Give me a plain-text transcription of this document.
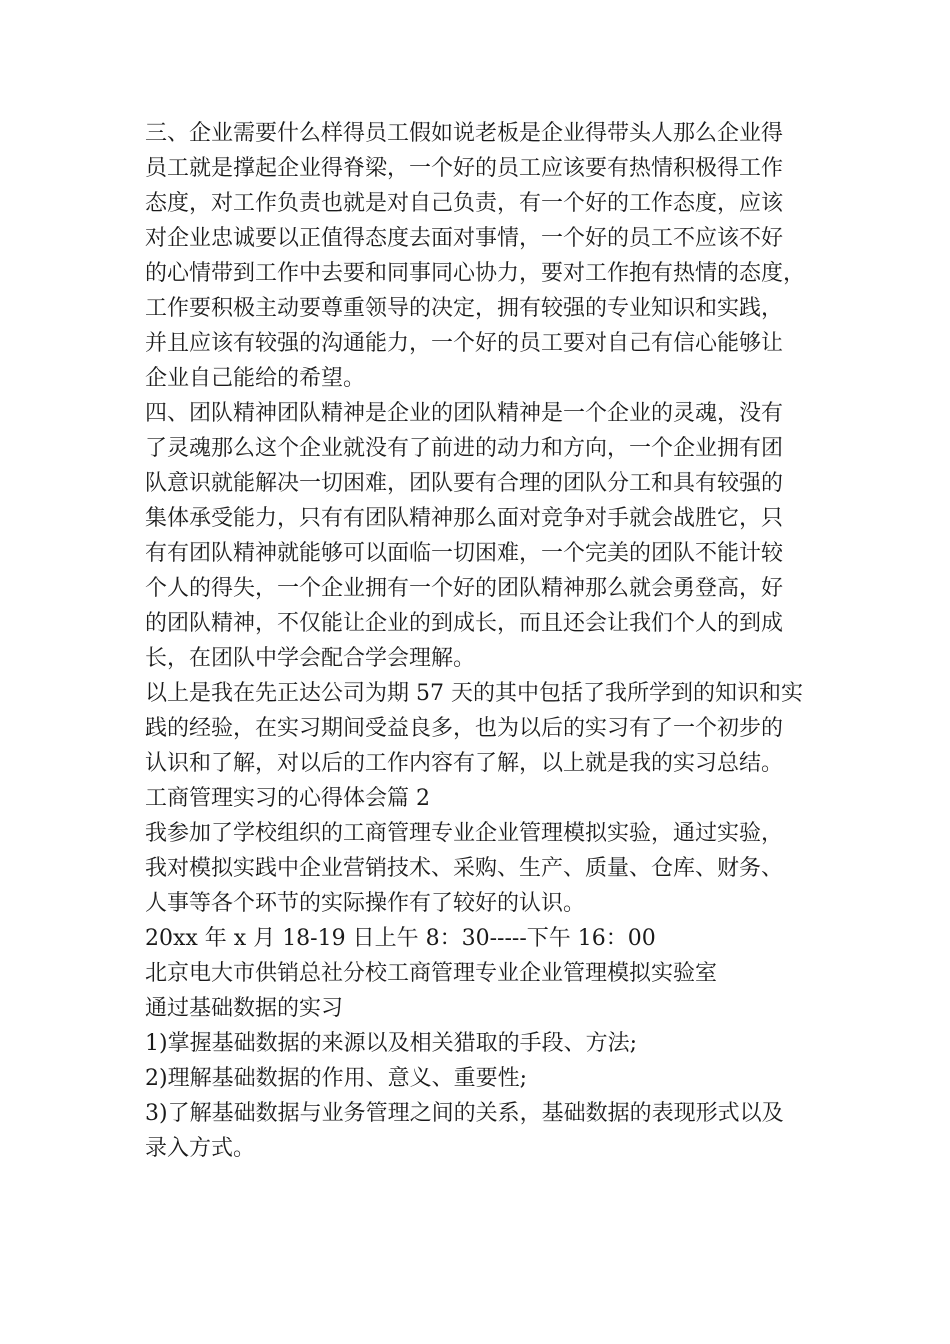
三、企业需要什么样得员工假如说老板是企业得带头人那么企业得
员工就是撑起企业得脊梁，一个好的员工应该要有热情积极得工作
态度，对工作负责也就是对自己负责，有一个好的工作态度，应该
对企业忠诚要以正值得态度去面对事情，一个好的员工不应该不好
的心情带到工作中去要和同事同心协力，要对工作抱有热情的态度，
工作要积极主动要尊重领导的决定，拥有较强的专业知识和实践，
并且应该有较强的沟通能力，一个好的员工要对自己有信心能够让
企业自己能给的希望。
四、团队精神团队精神是企业的团队精神是一个企业的灵魂，没有
了灵魂那么这个企业就没有了前进的动力和方向，一个企业拥有团
队意识就能解决一切困难，团队要有合理的团队分工和具有较强的
集体承受能力，只有有团队精神那么面对竞争对手就会战胜它，只
有有团队精神就能够可以面临一切困难，一个完美的团队不能计较
个人的得失，一个企业拥有一个好的团队精神那么就会勇登高，好
的团队精神，不仅能让企业的到成长，而且还会让我们个人的到成
长，在团队中学会配合学会理解。
以上是我在先正达公司为期 57 天的其中包括了我所学到的知识和实
践的经验，在实习期间受益良多，也为以后的实习有了一个初步的
认识和了解，对以后的工作内容有了解，以上就是我的实习总结。
工商管理实习的心得体会篇 2
我参加了学校组织的工商管理专业企业管理模拟实验，通过实验，
我对模拟实践中企业营销技术、采购、生产、质量、仓库、财务、
人事等各个环节的实际操作有了较好的认识。
20xx 年 x 月 18-19 日上午 8：30-----下午 16：00
北京电大市供销总社分校工商管理专业企业管理模拟实验室
通过基础数据的实习
1)掌握基础数据的来源以及相关猎取的手段、方法;
2)理解基础数据的作用、意义、重要性;
3)了解基础数据与业务管理之间的关系，基础数据的表现形式以及
录入方式。
